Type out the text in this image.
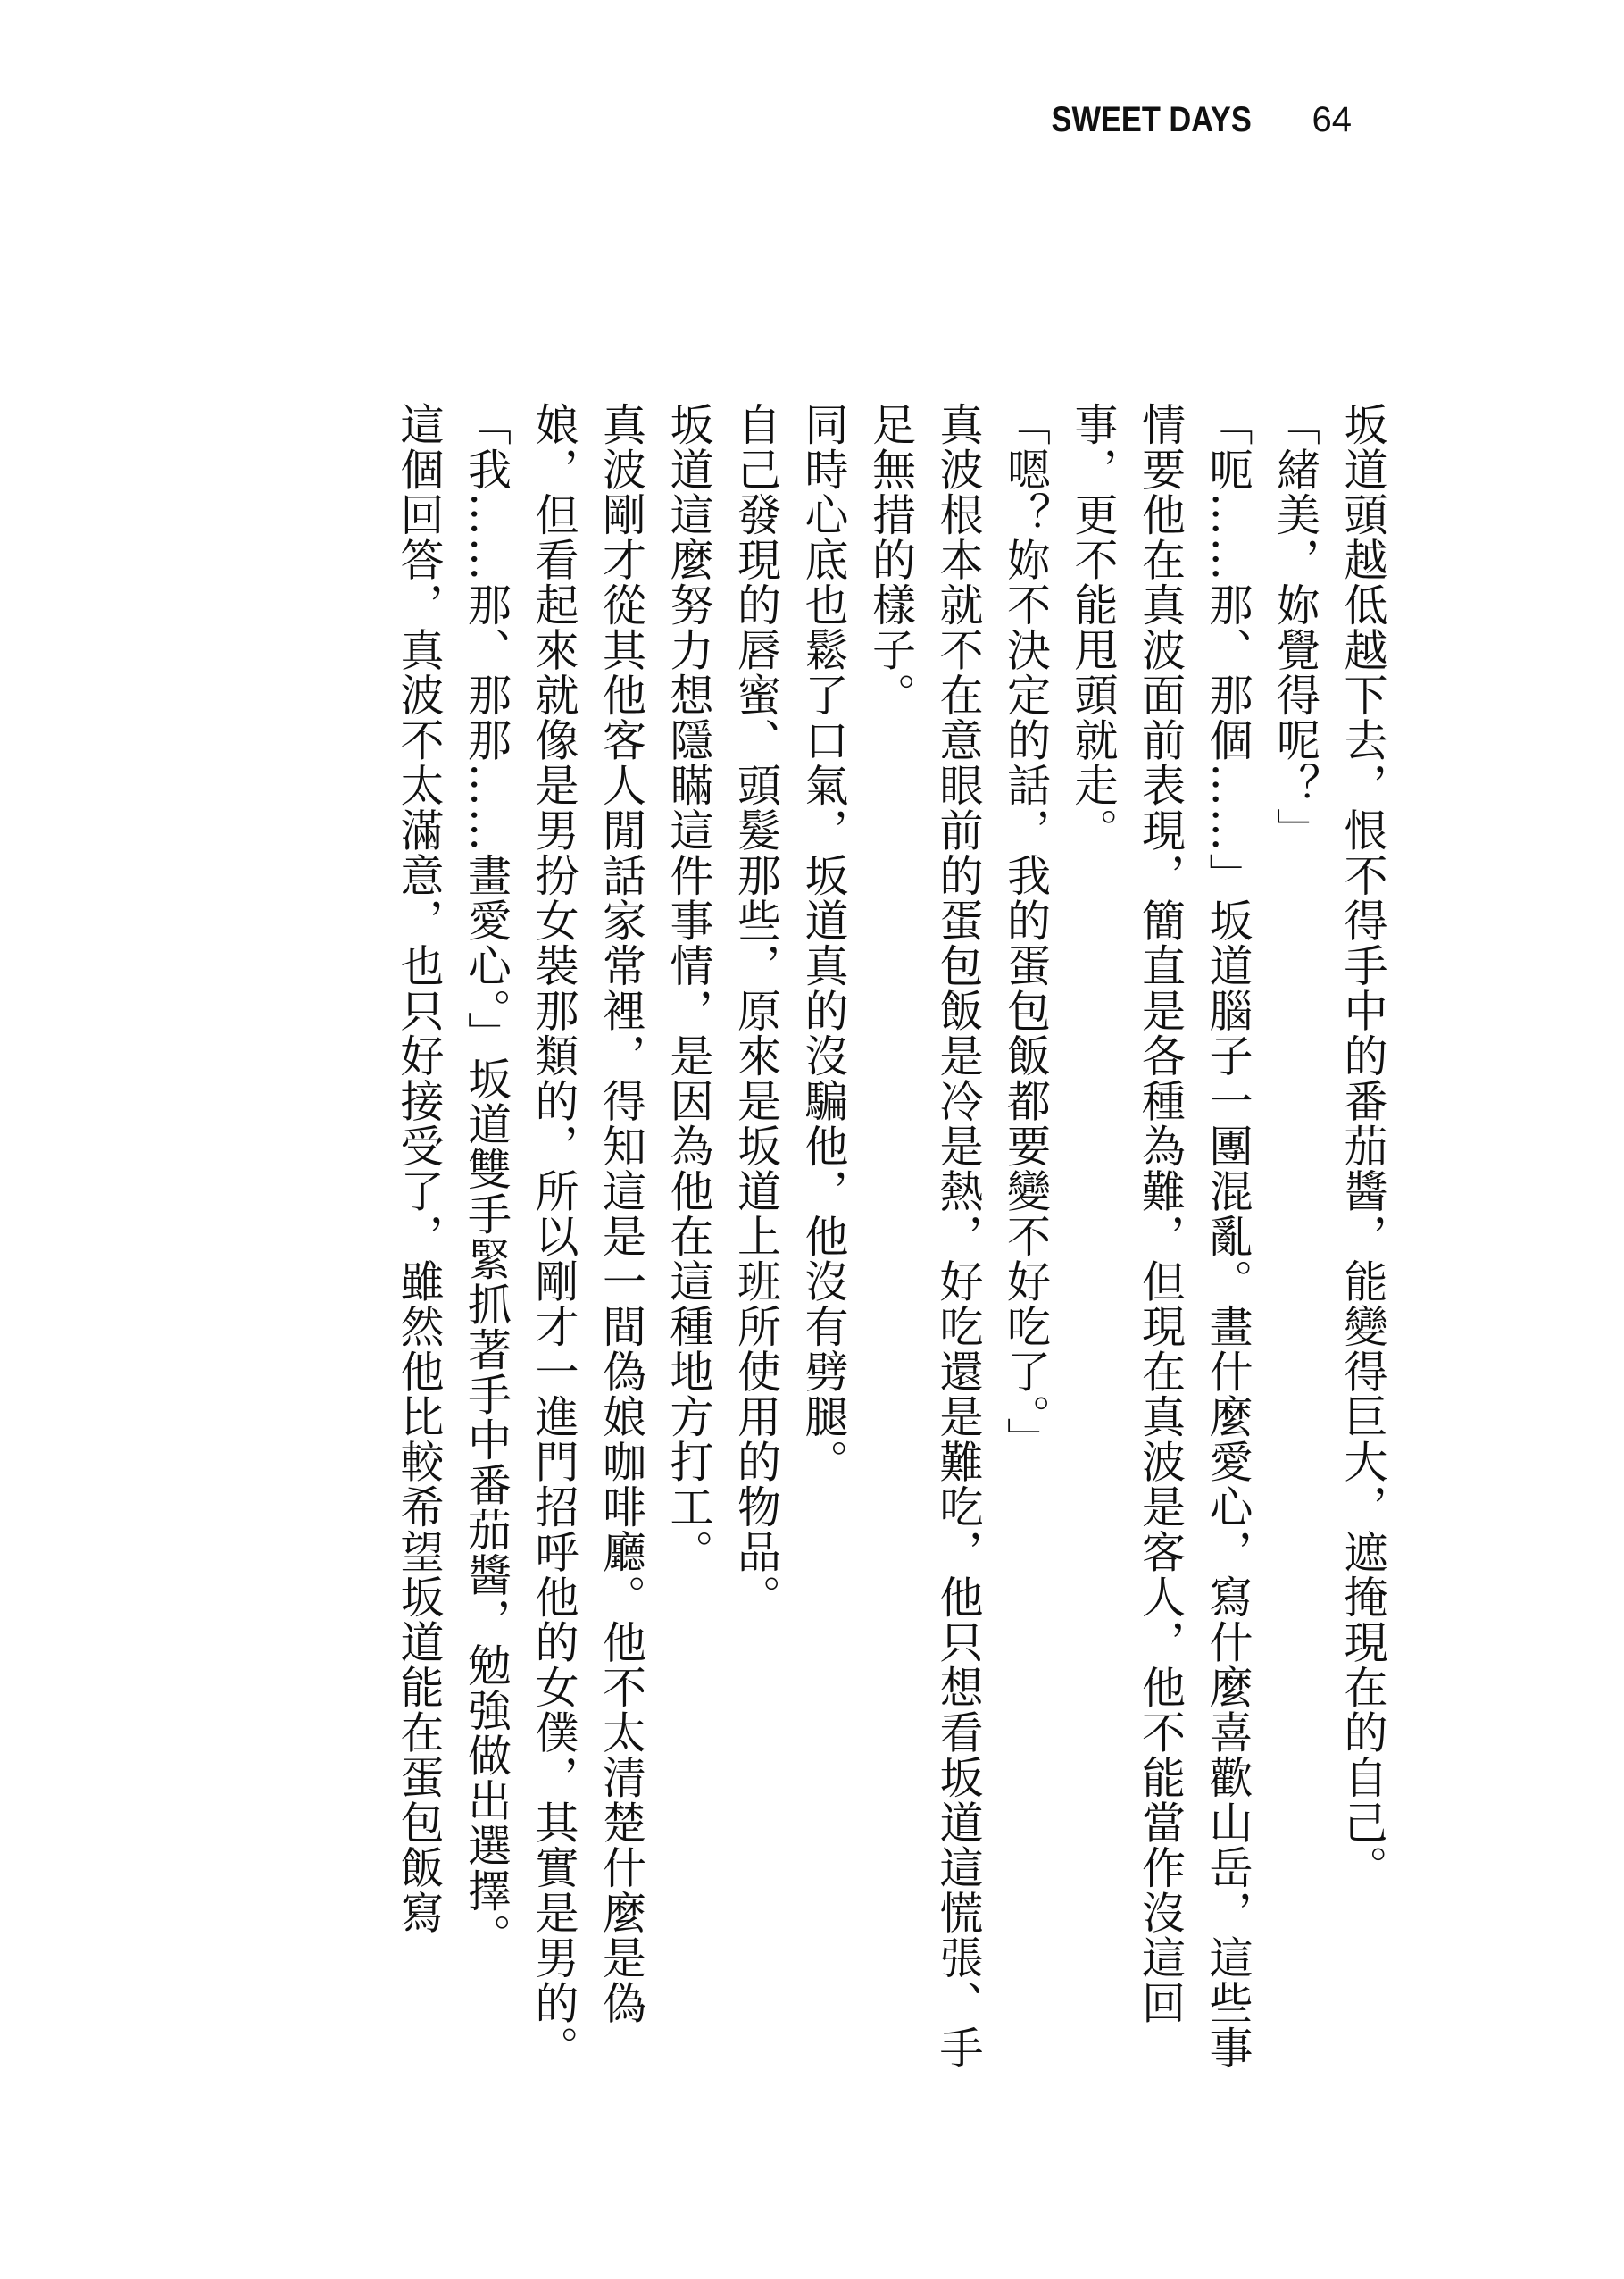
SWEET DAYS 64

坂道頭越低越下去，恨不得手中的番茄醬，能變得巨大，遮掩現在的自己。

「緒美，妳覺得呢？」

「呃……那、那個……」坂道腦子一團混亂。畫什麼愛心，寫什麼喜歡山岳，這些事情要他在真波面前表現，簡直是各種為難，但現在真波是客人，他不能當作沒這回事，更不能甩頭就走。

「嗯？妳不決定的話，我的蛋包飯都要變不好吃了。」

真波根本就不在意眼前的蛋包飯是冷是熱，好吃還是難吃，他只想看坂道這慌張、手足無措的樣子。

同時心底也鬆了口氣，坂道真的沒騙他，他沒有劈腿。

自己發現的唇蜜、頭髮那些，原來是坂道上班所使用的物品。

坂道這麼努力想隱瞞這件事情，是因為他在這種地方打工。

真波剛才從其他客人閒話家常裡，得知這是一間偽娘咖啡廳。他不太清楚什麼是偽娘，但看起來就像是男扮女裝那類的，所以剛才一進門招呼他的女僕，其實是男的。

「我……那、那那……畫愛心。」坂道雙手緊抓著手中番茄醬，勉強做出選擇。

這個回答，真波不太滿意，也只好接受了，雖然他比較希望坂道能在蛋包飯寫
